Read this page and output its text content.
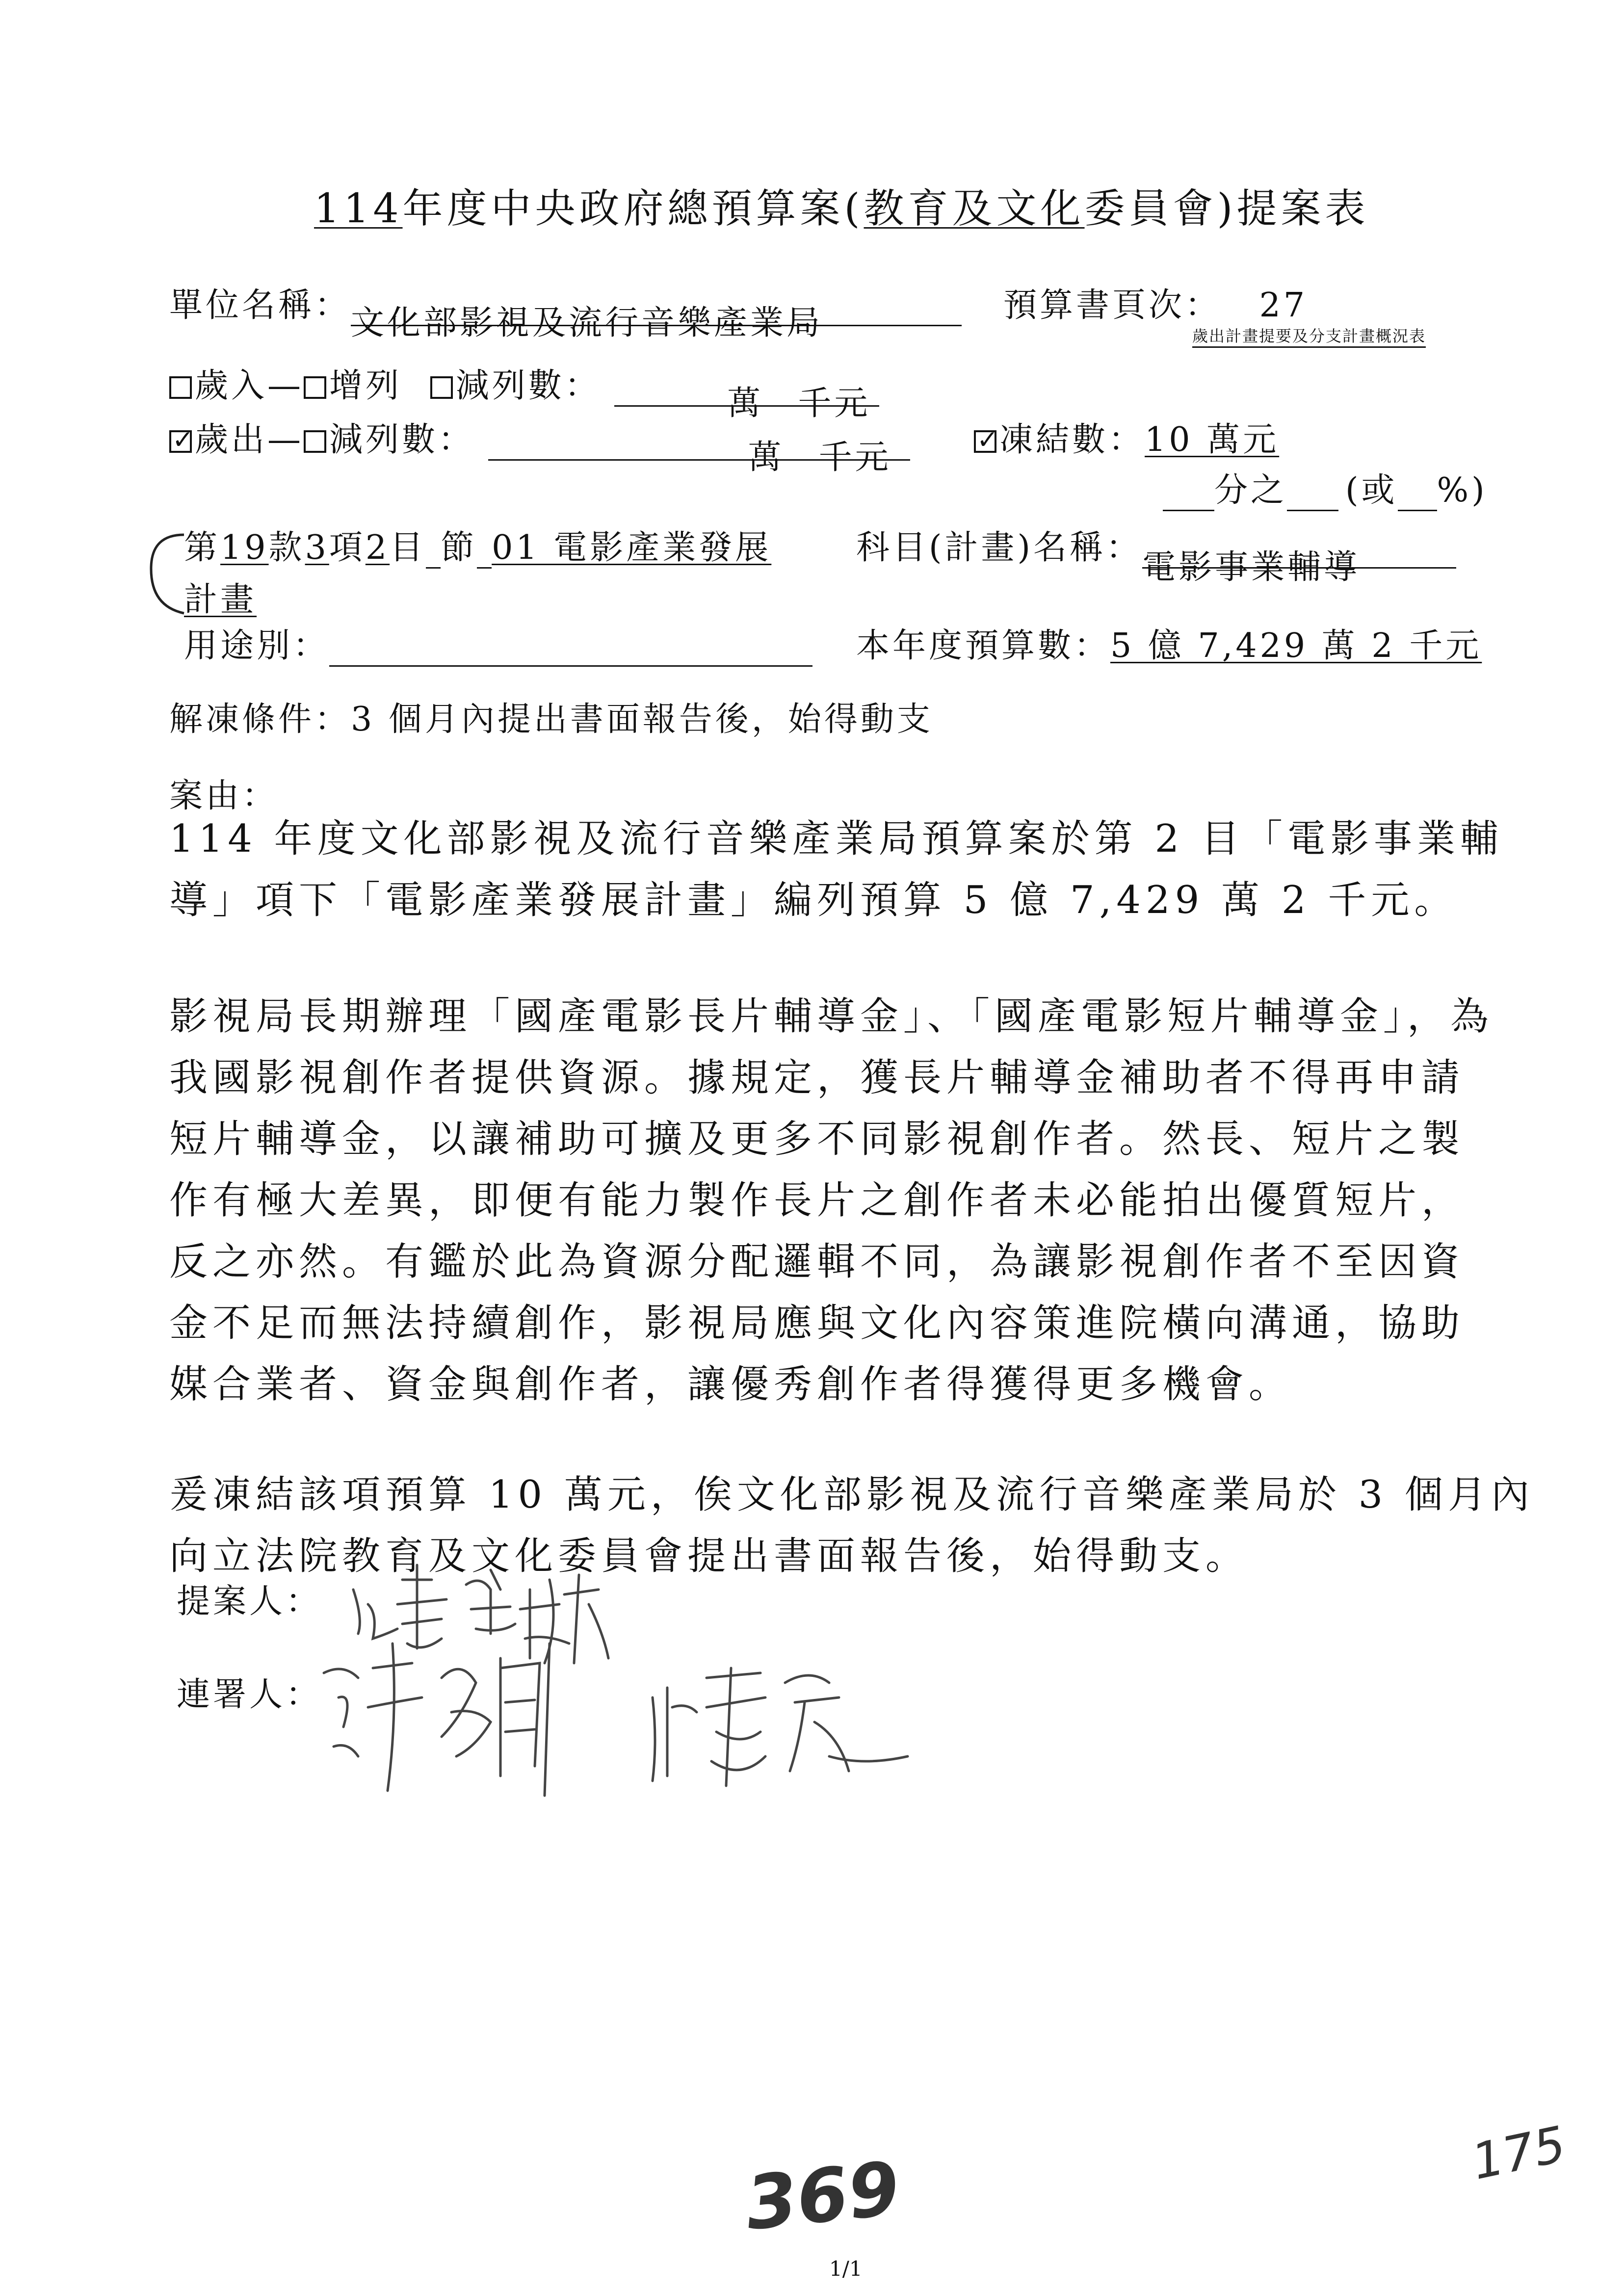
114年度中央政府總預算案(教育及文化委員會)提案表
單位名稱：文化部影視及流行音樂產業局	預算書頁次： 27
歲出計畫提要及分支計畫概況表
歲入— 增列 減列數：	萬 千元
✓歲出— 減列數：	萬 千元
✓	凍結數：10 萬元
分之 (或 %)
第19款3項2目 節 01 電影產業發展	科目(計畫)名稱：電影事業輔導
計畫
用途別：	本年度預算數：5 億 7,429 萬 2 千元
解凍條件：3 個月內提出書面報告後，始得動支
案由：
114 年度文化部影視及流行音樂產業局預算案於第 2 目「電影事業輔
導」項下「電影產業發展計畫」編列預算 5 億 7,429 萬 2 千元。
影視局長期辦理「國產電影長片輔導金」、「國產電影短片輔導金」，為
我國影視創作者提供資源。據規定，獲長片輔導金補助者不得再申請
短片輔導金，以讓補助可擴及更多不同影視創作者。然長、短片之製
作有極大差異，即便有能力製作長片之創作者未必能拍出優質短片，
反之亦然。有鑑於此為資源分配邏輯不同，為讓影視創作者不至因資
金不足而無法持續創作，影視局應與文化內容策進院橫向溝通，協助
媒合業者、資金與創作者，讓優秀創作者得獲得更多機會。
爰凍結該項預算 10 萬元，俟文化部影視及流行音樂產業局於 3 個月內
向立法院教育及文化委員會提出書面報告後，始得動支。
提案人：
連署人：
369	175
1/1
